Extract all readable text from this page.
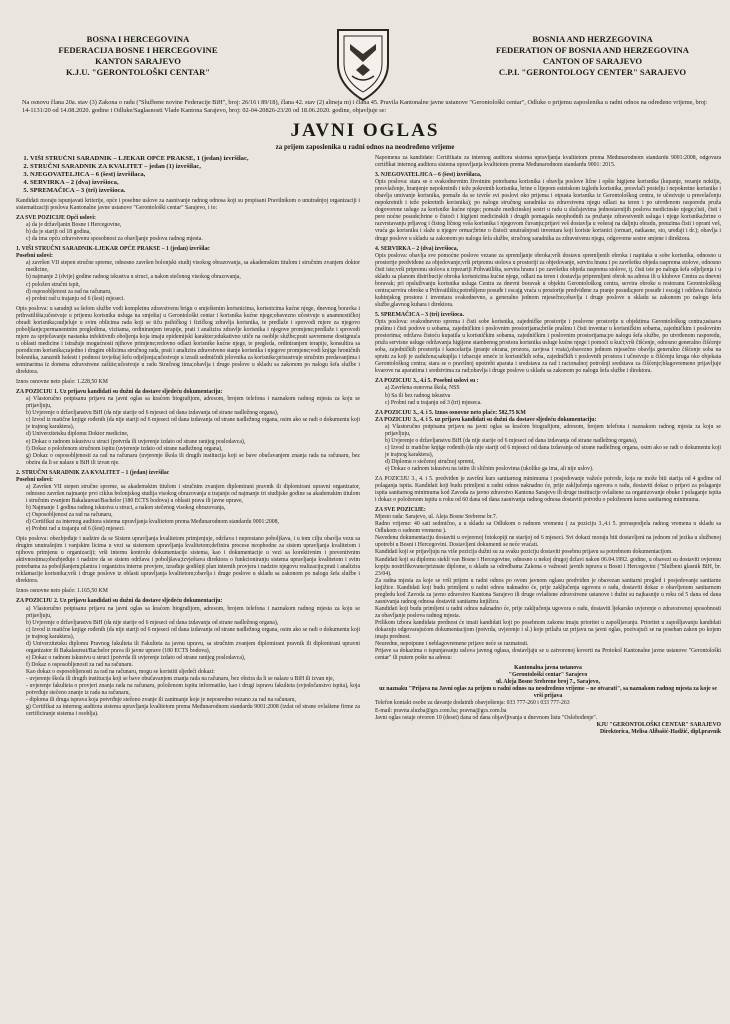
BOSNA I HERCEGOVINA
FEDERACIJA BOSNE I HERCEGOVINE
KANTON SARAJEVO
K.J.U. "GERONTOLOŠKI CENTAR"
BOSNIA AND HERZEGOVINA
FEDERATION OF BOSNIA AND HERZEGOVINA
CANTON OF SARAJEVO
C.P.I. "GERONTOLOGY CENTER" SARAJEVO
Na osnovu člana 20a. stav (3) Zakona o radu ("Službene novine Federacije BiH", broj: 26/16 i 89/18), člana 42. stav (2) alineja m) i člana 45. Pravila Kantonalne javne ustanove "Gerontološki centar", Odluke o prijemu zaposlenika u radni odnos na određeno vrijeme, broj: 14-1131/20 od 14.08.2020. godine i Odluke/Saglasnosti Vlade Kantona Sarajevo, broj: 02-04-20826-23/20 od 18.06.2020. godine, objavljuje se:
JAVNI OGLAS
za prijem zaposlenika u radni odnos na neodređeno vrijeme
1. VIŠI STRUČNI SARADNIK – LJEKAR OPĆE PRAKSE, 1 (jedan) izvršilac,
2. STRUČNI SARADNIK ZA KVALITET – jedan (1) izvršilac,
3. NJEGOVATELJICA – 6 (šest) izvršilaca,
4. SERVIRKA – 2 (dva) izvršioca,
5. SPREMAČICA – 3 (tri) izvršioca.
Kandidati moraju ispunjavati kriterije, opće i posebne uslove za zasnivanje radnog odnosa koji su propisani Pravilnikom o unutrašnjoj organizaciji i sistematizaciji poslova Kantonalne javne ustanove "Gerontološki centar" Sarajevo, i to:
ZA SVE POZICIJE Opći uslovi:
a) da je državljanin Bosne i Hercegovine,
b) da je stariji od 18 godina,
c) da ima opću zdravstvenu sposobnost za obavljanje poslova radnog mjesta.
1. VIŠI STRUČNI SARADNIK-LJEKAR OPĆE PRAKSE – 1 (jedan) izvršilac
Posebni uslovi:
a) završen VII stepen stručne spreme, odnosno završen bolonjski studij visokog obrazovanja, sa akademskim titulom i stručnim zvanjem doktor medicine,
b) najmanje 2 (dvije) godine radnog iskustva u struci, a nakon stečenog visokog obrazovanja,
c) položen stručni ispit,
d) osposobljenost za rad na računaru,
e) probni rad u trajanju od 6 (šest) mjeseci.
Opis poslova: u saradnji sa šefom službe vodi kompletnu zdravstvenu brigu o smještenim korisnicima, korisnicima kućne njege, dnevnog boravka i prihvatilišta;učestvuje u prijemu korisnika usluga na smještaj u Gerontološki centar i korisnika kućne njege;obavezno učestvuje u anamnestičkoj obradi korisnika;sudjeluje u svim oblicima rada koji se tiču psihičkog i fizičkog zdravlja korisnika, te predlaže i sprovodi mjere za njegovo poboljšanje;permanentnim pregledima, vizitama, ordiniranjem terapije, prati i analizira zdravlje korisnika i njegove promjene;predlaže i sprovodi mjere za sprječavanje nastanka infektivnih oboljenja koja imaju epidemijski karakter;edukativno utiče na osoblje službe;prati savremene dostignuća u oblasti medicine i istražuje mogućnosti njihove primjene;redovno odlazi korisnike kućne njege, te pregleda, ordiniranjem terapije, konsultira sa porodicom korisnika;zajedno i drugim oblicima stručnog rada, prati i analizira zdravstveno stanje korisnika i njegove promjene;vodi knjige hroničnih bolesnika, zaraznih holesti i podnosi izvještaj šefu odjeljenja;učestvuje u izradi sedmičnih jelovnika za korisnike;prisustvuje stručnim predavanjima i seminarima iz domena zdravstvene zaštite;učestvuje u radu Stručnog tima;obavlja i druge poslove u skladu sa zakonom po nalogu šefa službe i direktora.
Iznos osnovne neto plaće: 1.228,50 KM
ZA POZICIJU 1. Uz prijavu kandidati su dužni da dostave sljedeću dokumentaciju:
a) Vlastoručno potpisanu prijavu na javni oglas sa kraćom biografijom, adresom, brojem telefona i naznakom radnog mjesta za koju se prijavljuju,
b) Uvjerenje o državljanstvu BiH (da nije starije od 6 mjeseci od dana izdavanja od strane nadležnog organa),
c) Izvod iz matične knjige rođenih (da nije stariji od 6 mjeseci od dana izdavanja od strane nadležnog organa, osim ako se radi o dokumentu koji je trajnog karaktera),
d) Univerzitetsku diplomu Doktor medicine,
e) Dokaz o radnom iskustvu u struci (potvrda ili uvjerenje izdato od strane ranijeg poslodavca),
f) Dokaz o položenom stručnom ispitu (uvjerenje izdato od strane nadležnog organa),
g) Dokaz o osposobljenosti za rad na računaru (uvjerenje škola ili drugih institucija koji se bave obučavanjem znanja rada na računaru, bez obzira da li se nalaze u BiH ili izvan nje.
2. STRUČNI SARADNIK ZA KVALITET – 1 (jedan) izvršilac
Posebni uslovi:
a) Završen VII stepen stručne spreme, sa akademskim titulom i stručnim zvanjem diplomirani pravnik ili diplomirani upravni organizator, odnosno završen najmanje prvi ciklus bolonjskog studija visokog obrazovanja u trajanju od najmanje tri studijske godine sa akademskim titulom i stručnim zvanjem Bakalaureat/Bachelor (180 ECTS bodova) u oblasti prava ili javne uprave,
b) Najmanje 1 godina radnog iskustva u struci, a nakon stečenog visokog obrazovanja,
c) Osposobljenost za rad na računaru,
d) Certifikat za internog auditora sistema upravljanja kvalitetom prema Međunarodnom standardu 9001:2008,
e) Probni rad u trajanju od 6 (šest) mjeseci.
Opis poslova: obezbjeđuje i nadzire da se Sistem upravljanja kvalitetom primjenjuje, održava i neprestano poboljšava, i u tom cilju obavlja vezu sa drugim unutrašnjim i vanjskim licima u vezi sa sistemom upravljanja kvalitetom;definira procese neophodne za sistem upravljanja kvalitetom i njihovu primjenu u organizaciji; vrši internu kontrolu dokumentacije sistema, kao i dokumentacije u vezi sa korektivnim i preventivnim aktivnostima;obezbjeđuje i nadzire da se sistem održava i poboljšava;izvještava direktora o funkcioniranju sistema upravljanja kvalitetom i svim potrebama za poboljšanjem;planira i organizira interne provjere, izrađuje godišnji plan internih provjera i nadzire njegovu realizaciju;prati i analizira reklamacije korisnika;vrši i druge poslove iz oblasti upravljanja kvalitetom;obavlja i druge poslove u skladu sa zakonom po nalogu šefa službe i direktora.
Iznos osnovne neto plaće: 1.165,50 KM
ZA POZICIJU 2. Uz prijavu kandidati su dužni da dostave sljedeću dokumentaciju:
a) Vlastoručno potpisanu prijavu na javni oglas sa kraćom biografijom, adresom, brojem telefona i naznakom radnog mjesta za koju se prijavljuju,
b) Uvjerenje o državljanstvu BiH (da nije starije od 6 mjeseci od dana izdavanja od strane nadležnog organa),
c) Izvod iz matične knjige rođenih (da nije stariji od 6 mjeseci od dana izdavanja od strane nadležnog organa, osim ako se radi o dokumentu koji je trajnog karaktera),
d) Univerzitetsku diplomu Pravnog fakulteta ili Fakulteta za javnu upravu, sa stručnim zvanjem diplomirani pravnik ili diplomirani upravni organizator ili Bakalaureat/Bachelor prava ili javne uprave (180 ECTS bodova),
e) Dokaz o radnom iskustvu u struci (potvrda ili uvjerenje izdato od strane ranijeg poslodavca),
f) Dokaz o osposobljenosti za rad na računaru.
Kao dokaz o osposobljenosti za rad na računaru, mogu se koristiti sljedeći dokazi:
- uvjerenje škola ili drugih institucija koji se bave obučavanjem znanja rada na računaru, bez obzira da li se nalaze u BiH ili izvan nje,
- uvjerenje fakulteta o provjeri znanja rada na računaru, položenom ispitu informatike, kao i drugi ispravu fakulteta (svjedočanstvo ispita), koja potvrđuje stečeno znanje iz rada na računaru,
- diploma ili druga isprava koja potvrđuje stečeno zvanje ili zanimanje koje je neposredno vezano za rad na računaru,
g) Certifikat za internog auditora sistema upravljanja kvalitetom prema Međunarodnom standardu 9001:2008 (izdat od strane ovlaštene firme za certificiranje sistema i osoblja).
Napomena za kandidate: Certifikatu za internog auditora sistema upravljanja kvalitetom prema Međunarodnom standardu 9001:2008, odgovara certifikat internog auditora sistema upravljanja kvalitetom prema Međunarodnom standardu 9001: 2015.
3. NJEGOVATELJICA – 6 (šest) izvršilaca,
Opis poslova: stara se o svakodnevnim životnim potrebama korisnika i obavlja poslove lične i opšte higijene korisnika (kupanje, rezanje noktiju, presvlačenje, hranjenje nepokretnih i teže pokretnih korisnika, brine o lijepom estetskom izgledu korisnika, presvlači postelju i nepokretne korisnike i obavlja umivanje korisnika, pomaže da se izvrše svi poslovi oko prijema i otpusta korisnika iz Gerontološkog centra, te učestvuje u presvlačenju nepokretnih i teže pokretnih korisnika); po nalogu stručnog saradnika za zdravstvenu njegu odlazi na teren i po utvrđenom rasporedu pruža dogovorene usluge za korisnike kućne njege; pomaže medicinskoj sestri u radu u slučajevima jednostavnijih poslova medicinske njege;ćisti, čisti i pere noćne posude;brine o čistoći i higijeni medicinskih i drugih pomagala neophodnih za pružanje zdravstvenih usluga i njege korisnika;brine o razvrstavanju prljavog i čistog ličnog veša korisnika i njegovom čuvanju;prijavi veš dostavlja u vešeraj na daljnju obradu, preuzima čisti i oprani veš, vraća ga korisniku i slaže u njegov ormar;brine o čistoći unutrašnjosti inventara koji koriste korisnici (ormari, natkasne, sto, uređaji i dr.); obavlja i druge poslove u skladu sa zakonom po nalogu šefa službe, stručnog saradnika za zdravstvenu njegu, odgovorne sestre smjene i direktora.
4. SERVIRKA – 2 (dva) izvršioca,
Opis poslova: obavlja sve pomoćne poslove vezane za spremljanje obroka;vrši dostavu spremljenih obroka i napitaka u sobe korisnika, odnosno u prostorije predviđene za objedovanje;vrši pripremu stolova u prostoriji za objedovanje, servira hranu i po završetku objeda raspremа stolove, odnosno čisti iste;vrši pripremu stolova u trpezariji Prihvatilišta, servira hranu i po završetku objeda raspremа stolove, tj. čisti iste po nalogu šefa odjeljenja i u skladu sa planom distribucije obroka korisnicima kućne njege, odlazi na teren i dostavlja pripremljeni obrok na adresu ili u klubove Centra za dnevni boravak; pri opsluživanju korisnika usluga Centra za dnevni boravak u objektu Gerontološkog centra, servira obroke u restoranu Gerontološkog centra;servira obroke u Prihvatilištu;potrebljeno posuđe i escajg vraća u prostorije predviđene za pranje posuđa;pere posuđe i escajg i održava čistoću kuhinjskog prostora i inventara svakodnevno, a generalno jednom mjesečno;obavlja i druge poslove u skladu sa zakonom po nalogu šefa službe,glavnog kuhara i direktora.
5. SPREMAČICA – 3 (tri) izvršioca.
Opis poslova: svakodnevno sprema i čisti sobe korisnika, zajedničke prostorije i poslovne prostorije u objektima Gerontološkog centra;usisava prašinu i čisti podove u sobama, zajedničkim i poslovnim prostorijama;briše prašinu i čisti inventar u korisničkim sobama, zajedničkim i poslovnim prostorima; održava čistoću kupatila u korisničkim sobama, zajedničkim i poslovnim prostorijama;po nalogu šefa službe, po utvrđenom rasporedu, pruža servisne usluge održavanja higijene stambenog prostora korisnika usluge kućne njege i pomoći u kući;vrši čišćenje, odnosno generalno čišćenje soba, zajedničkih prostorija i kancelarija (pranje ekrana, prozora, zavjesa i vrata),obavezno jednom mjesečno obavlja generalno čišćenje soba na spratu za koji je zadužena;sakuplja i izbacuje smeće iz korisničkih soba, zajedničkih i poslovnih prostora i učestvuje u čišćenju kruga oko objekata Gerontološkog centra; stara se o pravilnoj upotrebi aparata i sredstava za rad i racionalnoj potrošnji sredstava za čišćenje;blagovremeno prijavljuje kvarove na aparatima i sredstvima za rad;obavlja i druge poslove u skladu sa zakonom po nalogu šefa službe i direktora.
ZA POZICIJU 3., 4.i 5. Posebni uslovi su :
a) Završena osnovna škola, NSS
b) Sa ili bez radnog iskustva
c) Probni rad u trajanju od 3 (tri) mjeseca.
ZA POZICIJU 3., 4. i 5. Iznos osnovne neto plaće: 582,75 KM
ZA POZICIJU 3., 4. i 5. uz prijavu kandidati su dužni da dostave sljedeću dokumentaciju:
a) Vlastoručno potpisanu prijavu na javni oglas sa kraćom biografijom, adresom, brojem telefona i naznakom radnog mjesta za koju se prijavljuju,
b) Uvjerenje o državljanstvu BiH (da nije starije od 6 mjeseci od dana izdavanja od strane nadležnog organa),
c) Izvod iz matične knjige rođenih (da nije stariji od 6 mjeseci od dana izdavanja od strane nadležnog organa, osim ako se radi o dokumentu koji je trajnog karaktera),
d) Diplomu o stečenoj stručnoj spremi,
e) Dokaz o radnom iskustvu na istim ili sličnim poslovima (ukoliko ga ima, ali nije uslov).
ZA POZICIJU 3., 4. i 5. predviđen je završni kurs sanitarnog minimuma i posjedovanje važeće potvrde, koja ne može biti starija od 4 godine od polaganja ispita. Kandidati koji budu primljeni u radni odnos naknadno će, prije zaključenja ugovora o radu, dostaviti dokaz o prijavi za polaganje ispita sanitarnog minimuma kod Zavoda za javno zdravstvo Kantona Sarajevo ili druge institucije ovlaštene za organizovanje obuke i polaganje ispita i dokaz o položenom ispitu u roku od 60 dana od dana zasnivanja radnog odnosa dostaviti potvrdu o položenom kursu sanitarnog minimuma.
ZA SVE POZICIJE:
Mjesto rada: Sarajevo, ul. Aleja Bosne Srebrene br.7.
Radno vrijeme: 40 sati sedmično, a u skladu sa Odlukom o radnom vremenu ( za poziciju 3.,4.i 5. preraspodjela radnog vremena u skladu sa Odlukom o radnom vremenu ).
Navedenu dokumentaciju dostaviti u ovjerenoj fotokopiji ne starijoj od 6 mjeseci. Svi dokazi moraju biti dostavljeni na jednom od jezika u službenoj upotrebi u Bosni i Hercegovini. Dostavljeni dokumenti se neće vraćati.
Kandidati koji se prijavljuju na više pozicija dužni su za svaku poziciju dostaviti posebnu prijavu sa potrebnom dokumentacijom.
Kandidati koji su diplomu stekli van Bosne i Hercegovine, odnosno u nekoj drugoj državi nakon 06.04.1992. godine, u obavezi su dostaviti ovjerenu kopiju nostrifikovane/priznate diplome, u skladu sa odredbama Zakona o važnosti javnih isprava u Bosni i Hercegovini ("Službeni glasnik BiH, br. 23/04).
Za radna mjesta za koje se vrši prijem u radni odnos po ovom javnom oglasu predviđen je obavezan sanitarni pregled i posjedovanje sanitarne knjižice. Kandidati koji budu primljeni u radni odnos naknadno će, prije zaključenja ugovora o radu, dostaviti dokaz o obavljenom sanitarnom pregledu kod Zavoda za javno zdravstvo Kantona Sarajevo ili druge ovlaštene zdravstvene ustanove i dužni su najkasnije u roku od 5 dana od dana zasnivanja radnog odnosa dostaviti sanitarnu knjižicu.
Kandidati koji budu primljeni u radni odnos naknadno će, prije zaključenja ugovora o radu, dostaviti ljekarsko uvjerenje o zdravstvenoj sposobnosti za obavljanje poslova radnog mjesta.
Prilikom izbora kandidata prednost će imati kandidati koji po posebnom zakonu imaju prioritet u zapošljavanju. Prioritet u zapošljavanju kandidati dokazuju odgovarajućom dokumentacijom (potvrda, uvjerenje i sl.) koje prilažu uz prijavu na javni oglas, pozivajući se na poseban zakon po kojem imaju prednost.
Neuredne, nepotpune i neblagovremene prijave neće se razmatrati.
Prijave sa dokazima o ispunjavanju uslova javnog oglasa, dostavljaju se u zatvorenoj koverti na Protokol Kantonalne javne ustanove "Gerontološki centar" ili putem pošte na adresu:
Kantonalna javna ustanova
"Gerontološki centar" Sarajevo
ul. Aleja Bosne Srebrene broj 7., Sarajevo,
uz naznaku "Prijava na Javni oglas za prijem u radni odnos na neodređeno vrijeme – ne otvarati", sa naznakom radnog mjesta za koje se vrši prijava
Telefon kontakt osobe za davanje dodatnih obavještenja: 033 777-260 i 033 777-263
E-mail: pravna.sluzba@gcs.com.ba; pravna@gcs.com.ba
Javni oglas ostaje otvoren 10 (deset) dana od dana objavljivanja u dnevnom listu "Oslobođenje".
KJU "GERONTOLOŠKI CENTAR" SARAJEVO
Direktorica, Melisa Alibašić-Hadžić, dipl.pravnik
